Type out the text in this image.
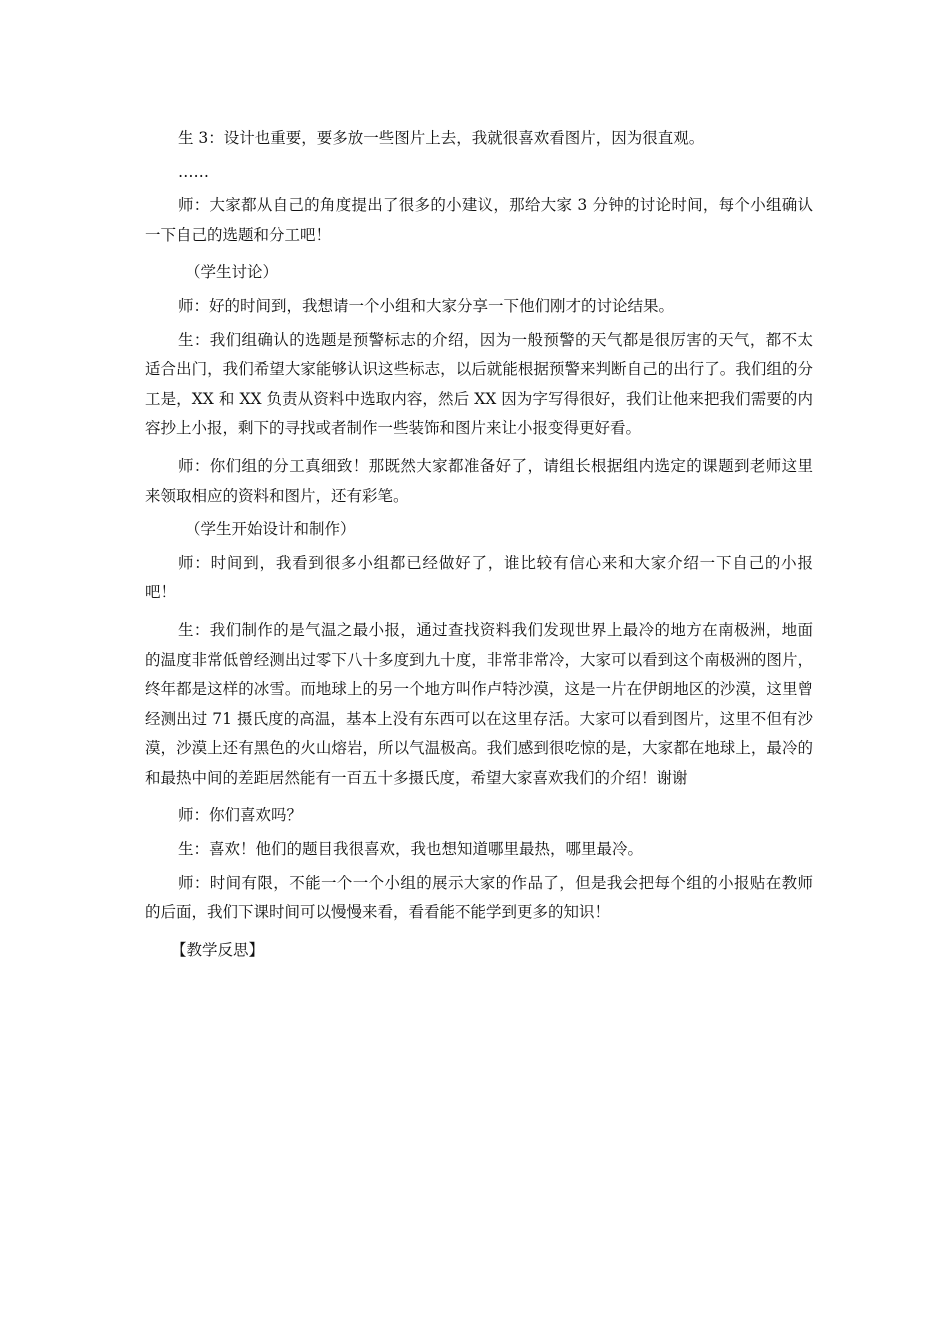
生 3：设计也重要，要多放一些图片上去，我就很喜欢看图片，因为很直观。

……

师：大家都从自己的角度提出了很多的小建议，那给大家 3 分钟的讨论时间，每个小组确认一下自己的选题和分工吧！

（学生讨论）

师：好的时间到，我想请一个小组和大家分享一下他们刚才的讨论结果。

生：我们组确认的选题是预警标志的介绍，因为一般预警的天气都是很厉害的天气，都不太适合出门，我们希望大家能够认识这些标志，以后就能根据预警来判断自己的出行了。我们组的分工是，XX 和 XX 负责从资料中选取内容，然后 XX 因为字写得很好，我们让他来把我们需要的内容抄上小报，剩下的寻找或者制作一些装饰和图片来让小报变得更好看。

师：你们组的分工真细致！那既然大家都准备好了，请组长根据组内选定的课题到老师这里来领取相应的资料和图片，还有彩笔。

（学生开始设计和制作）

师：时间到，我看到很多小组都已经做好了，谁比较有信心来和大家介绍一下自己的小报吧！

生：我们制作的是气温之最小报，通过查找资料我们发现世界上最冷的地方在南极洲，地面的温度非常低曾经测出过零下八十多度到九十度，非常非常冷，大家可以看到这个南极洲的图片，终年都是这样的冰雪。而地球上的另一个地方叫作卢特沙漠，这是一片在伊朗地区的沙漠，这里曾经测出过 71 摄氏度的高温，基本上没有东西可以在这里存活。大家可以看到图片，这里不但有沙漠，沙漠上还有黑色的火山熔岩，所以气温极高。我们感到很吃惊的是，大家都在地球上，最冷的和最热中间的差距居然能有一百五十多摄氏度，希望大家喜欢我们的介绍！谢谢

师：你们喜欢吗？

生：喜欢！他们的题目我很喜欢，我也想知道哪里最热，哪里最冷。

师：时间有限，不能一个一个小组的展示大家的作品了，但是我会把每个组的小报贴在教师的后面，我们下课时间可以慢慢来看，看看能不能学到更多的知识！

【教学反思】
